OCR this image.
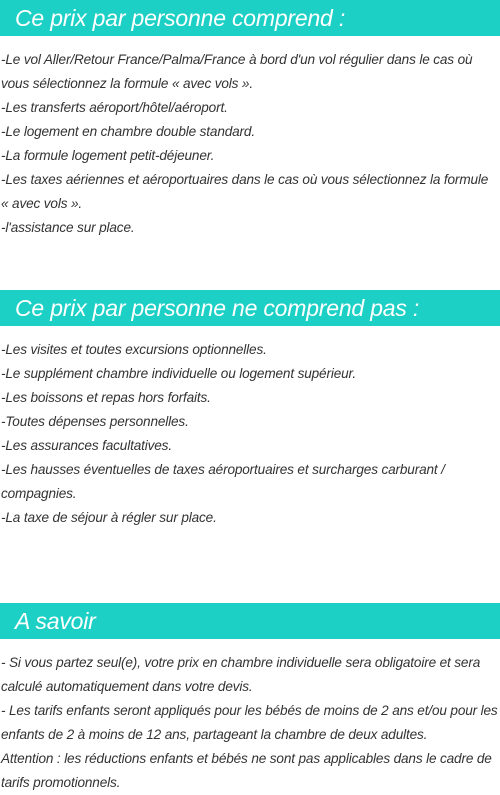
Ce prix par personne comprend :
-Le vol Aller/Retour France/Palma/France à bord d'un vol régulier dans le cas où vous sélectionnez la formule « avec vols ».
-Les transferts aéroport/hôtel/aéroport.
-Le logement en chambre double standard.
-La formule logement petit-déjeuner.
-Les taxes aériennes et aéroportuaires dans le cas où vous sélectionnez la formule « avec vols ».
-l'assistance sur place.
Ce prix par personne ne comprend pas :
-Les visites et toutes excursions optionnelles.
-Le supplément chambre individuelle ou logement supérieur.
-Les boissons et repas hors forfaits.
-Toutes dépenses personnelles.
-Les assurances facultatives.
-Les hausses éventuelles de taxes aéroportuaires et surcharges carburant / compagnies.
-La taxe de séjour à régler sur place.
A savoir
- Si vous partez seul(e), votre prix en chambre individuelle sera obligatoire et sera calculé automatiquement dans votre devis.
- Les tarifs enfants seront appliqués pour les bébés de moins de 2 ans et/ou pour les enfants de 2 à moins de 12 ans, partageant la chambre de deux adultes.
Attention : les réductions enfants et bébés ne sont pas applicables dans le cadre de tarifs promotionnels.
